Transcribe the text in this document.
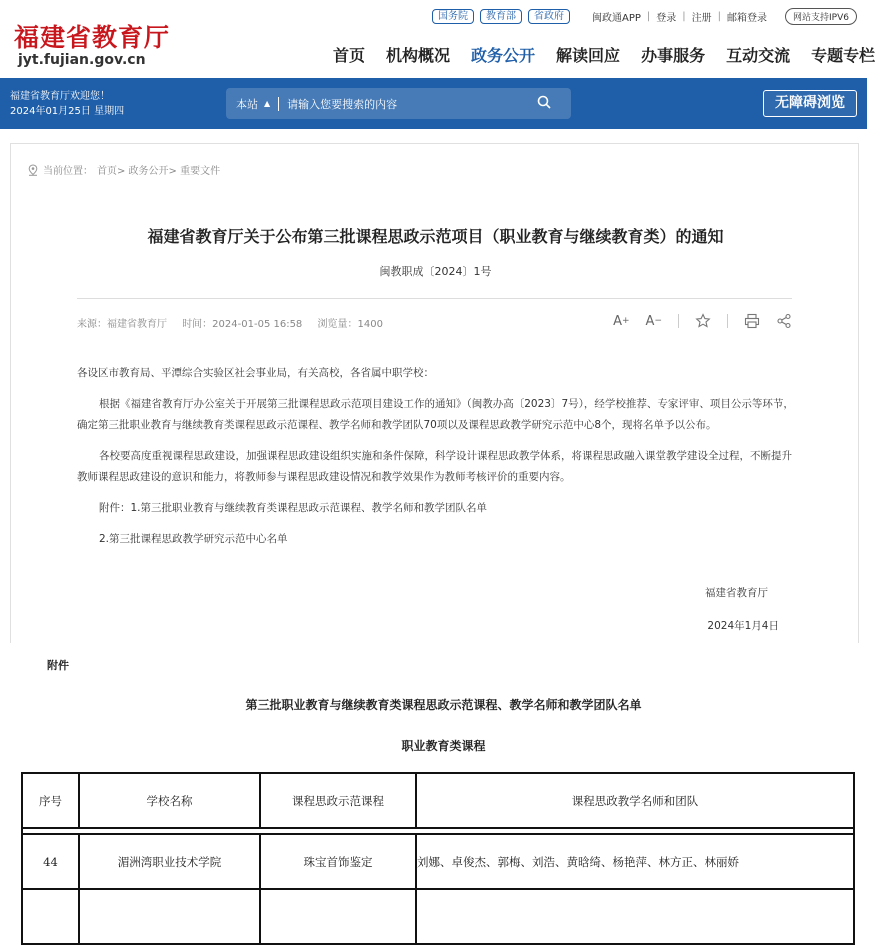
福建省教育厅
jyt.fujian.gov.cn
国务院	教育部	省政府	闽政通APP | 登录 | 注册 | 邮箱登录	网站支持IPV6
首页 机构概况 政务公开 解读回应 办事服务 互动交流 专题专栏
福建省教育厅欢迎您！
2024年01月25日 星期四
本站 ▲︎ 请输入您要搜索的内容	无障碍浏览
当前位置： 首页> 政务公开> 重要文件
福建省教育厅关于公布第三批课程思政示范项目（职业教育与继续教育类）的通知
闽教职成〔2024〕1号
来源：福建省教育厅 时间：2024-01-05 16:58 浏览量：1400	A + A −

各设区市教育局、平潭综合实验区社会事业局，有关高校，各省属中职学校：

根据《福建省教育厅办公室关于开展第三批课程思政示范项目建设工作的通知》（闽教办高〔2023〕7号），经学校推荐、专家评审、项目公示等环节，确定第三批职业教育与继续教育类课程思政示范课程、教学名师和教学团队70项以及课程思政教学研究示范中心8个，现将名单予以公布。

各校要高度重视课程思政建设，加强课程思政建设组织实施和条件保障，科学设计课程思政教学体系，将课程思政融入课堂教学建设全过程，不断提升教师课程思政建设的意识和能力，将教师参与课程思政建设情况和教学效果作为教师考核评价的重要内容。

附件：1.第三批职业教育与继续教育类课程思政示范课程、教学名师和教学团队名单

2.第三批课程思政教学研究示范中心名单

福建省教育厅
2024年1月4日
附件
第三批职业教育与继续教育类课程思政示范课程、教学名师和教学团队名单
职业教育类课程
序号	学校名称	课程思政示范课程	课程思政教学名师和团队

44	湄洲湾职业技术学院	珠宝首饰鉴定	刘娜、卓俊杰、郭梅、刘浩、黄晗绮、杨艳萍、林方正、林丽娇
